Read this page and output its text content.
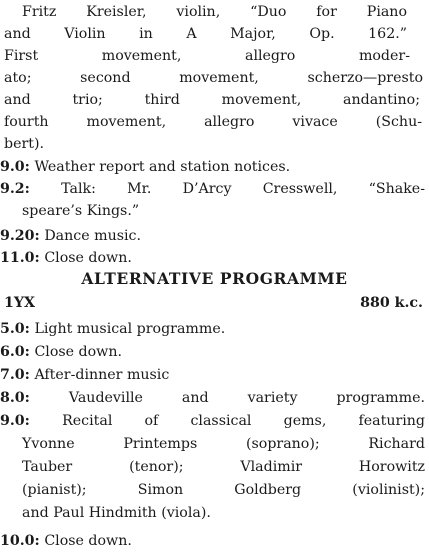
Fritz Kreisler, violin, “Duo for Piano
and Violin in A Major, Op. 162.”
First movement, allegro moder-
ato; second movement, scherzo—presto
and trio; third movement, andantino;
fourth movement, allegro vivace (Schu-
bert).
9.0: Weather report and station notices.
9.2: Talk: Mr. D’Arcy Cresswell, “Shake-
speare’s Kings.”
9.20: Dance music.
11.0: Close down.
ALTERNATIVE PROGRAMME
1YX	880 k.c.
5.0: Light musical programme.
6.0: Close down.
7.0: After-dinner music
8.0:	Vaudeville and variety programme.
9.0: Recital of classical gems, featuring
Yvonne Printemps (soprano); Richard
Tauber (tenor); Vladimir Horowitz
(pianist); Simon Goldberg (violinist);
and Paul Hindmith (viola).
10.0: Close down.
